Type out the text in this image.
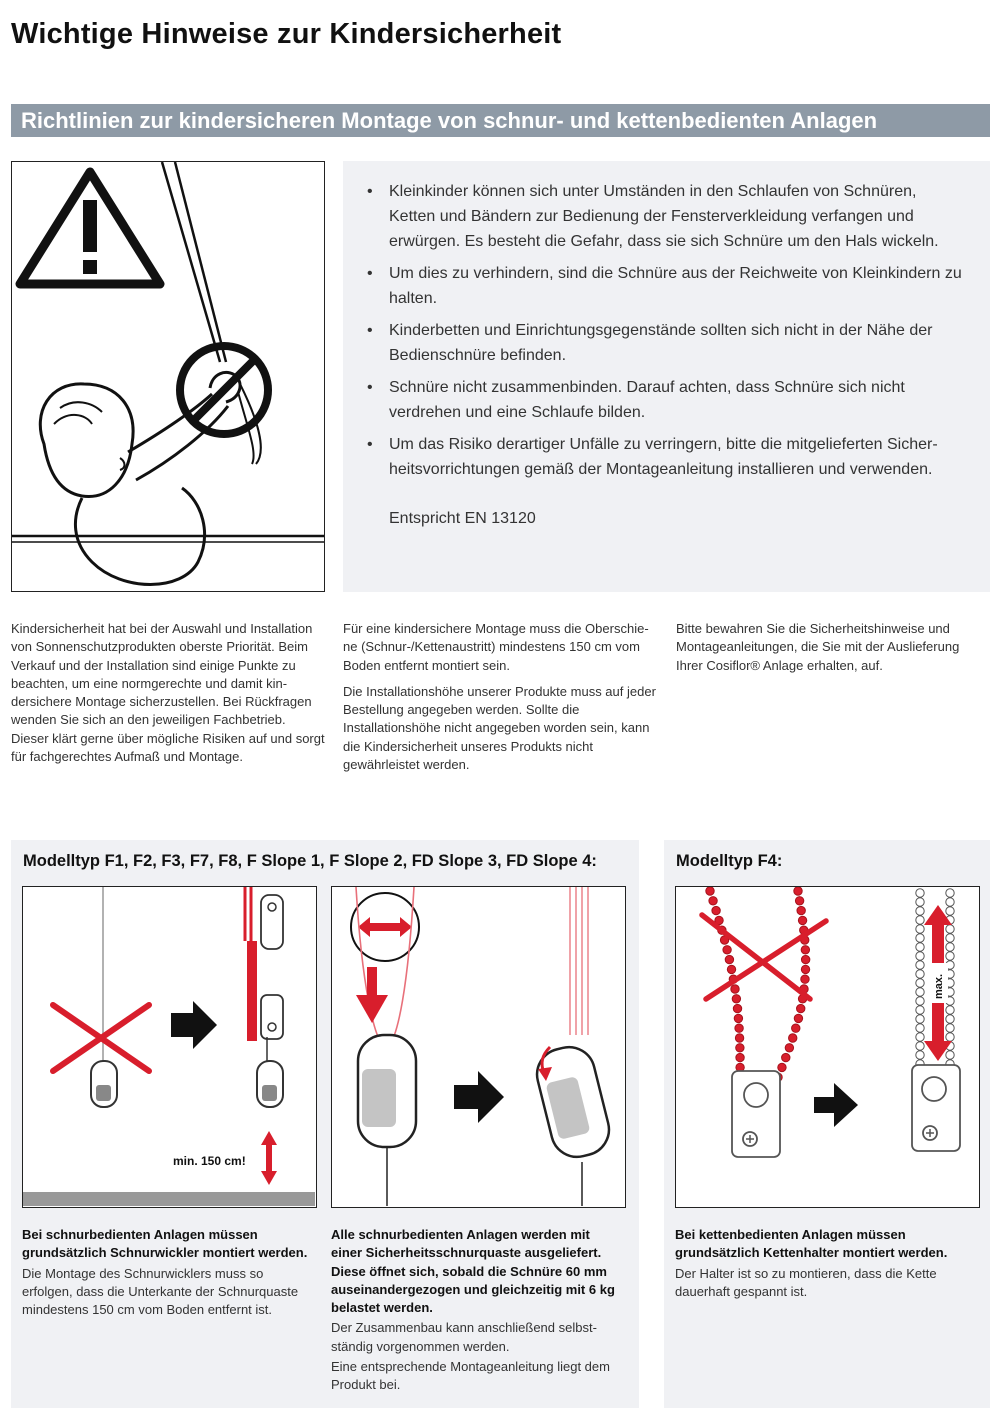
Wichtige Hinweise zur Kindersicherheit
Richtlinien zur kindersicheren Montage von schnur- und kettenbedienten Anlagen
• Kleinkinder können sich unter Umständen in den Schlaufen von Schnüren, Ketten und Bändern zur Bedienung der Fensterverkleidung verfangen und erwürgen. Es besteht die Gefahr, dass sie sich Schnüre um den Hals wickeln.
• Um dies zu verhindern, sind die Schnüre aus der Reichweite von Kleinkindern zu halten.
• Kinderbetten und Einrichtungsgegenstände sollten sich nicht in der Nähe der Bedienschnüre befinden.
• Schnüre nicht zusammenbinden. Darauf achten, dass Schnüre sich nicht verdrehen und eine Schlaufe bilden.
• Um das Risiko derartiger Unfälle zu verringern, bitte die mitgelieferten Sicherheitsvorrichtungen gemäß der Montageanleitung installieren und verwenden.
Entspricht EN 13120

Kindersicherheit hat bei der Auswahl und Installation von Sonnenschutzprodukten oberste Priorität. Beim Verkauf und der Installation sind einige Punkte zu beachten, um eine normgerechte und damit kindersichere Montage sicherzustellen. Bei Rückfragen wenden Sie sich an den jeweiligen Fachbetrieb. Dieser klärt gerne über mögliche Risiken auf und sorgt für fachgerechtes Aufmaß und Montage.

Für eine kindersichere Montage muss die Oberschiene (Schnur-/Kettenaustritt) mindestens 150 cm vom Boden entfernt montiert sein.

Die Installationshöhe unserer Produkte muss auf jeder Bestellung angegeben werden. Sollte die Installationshöhe nicht angegeben worden sein, kann die Kindersicherheit unseres Produkts nicht gewährleistet werden.

Bitte bewahren Sie die Sicherheitshinweise und Montageanleitungen, die Sie mit der Auslieferung Ihrer Cosiflor® Anlage erhalten, auf.

Modelltyp F1, F2, F3, F7, F8, F Slope 1, F Slope 2, FD Slope 3, FD Slope 4:
min. 150 cm!

Bei schnurbedienten Anlagen müssen grundsätzlich Schnurwickler montiert werden.

Die Montage des Schnurwicklers muss so erfolgen, dass die Unterkante der Schnurquaste mindestens 150 cm vom Boden entfernt ist.

Alle schnurbedienten Anlagen werden mit einer Sicherheitsschnurquaste ausgeliefert. Diese öffnet sich, sobald die Schnüre 60 mm auseinandergezogen und gleichzeitig mit 6 kg belastet werden.

Der Zusammenbau kann anschließend selbstständig vorgenommen werden.

Eine entsprechende Montageanleitung liegt dem Produkt bei.

Modelltyp F4:
max.

Bei kettenbedienten Anlagen müssen grundsätzlich Kettenhalter montiert werden.

Der Halter ist so zu montieren, dass die Kette dauerhaft gespannt ist.
